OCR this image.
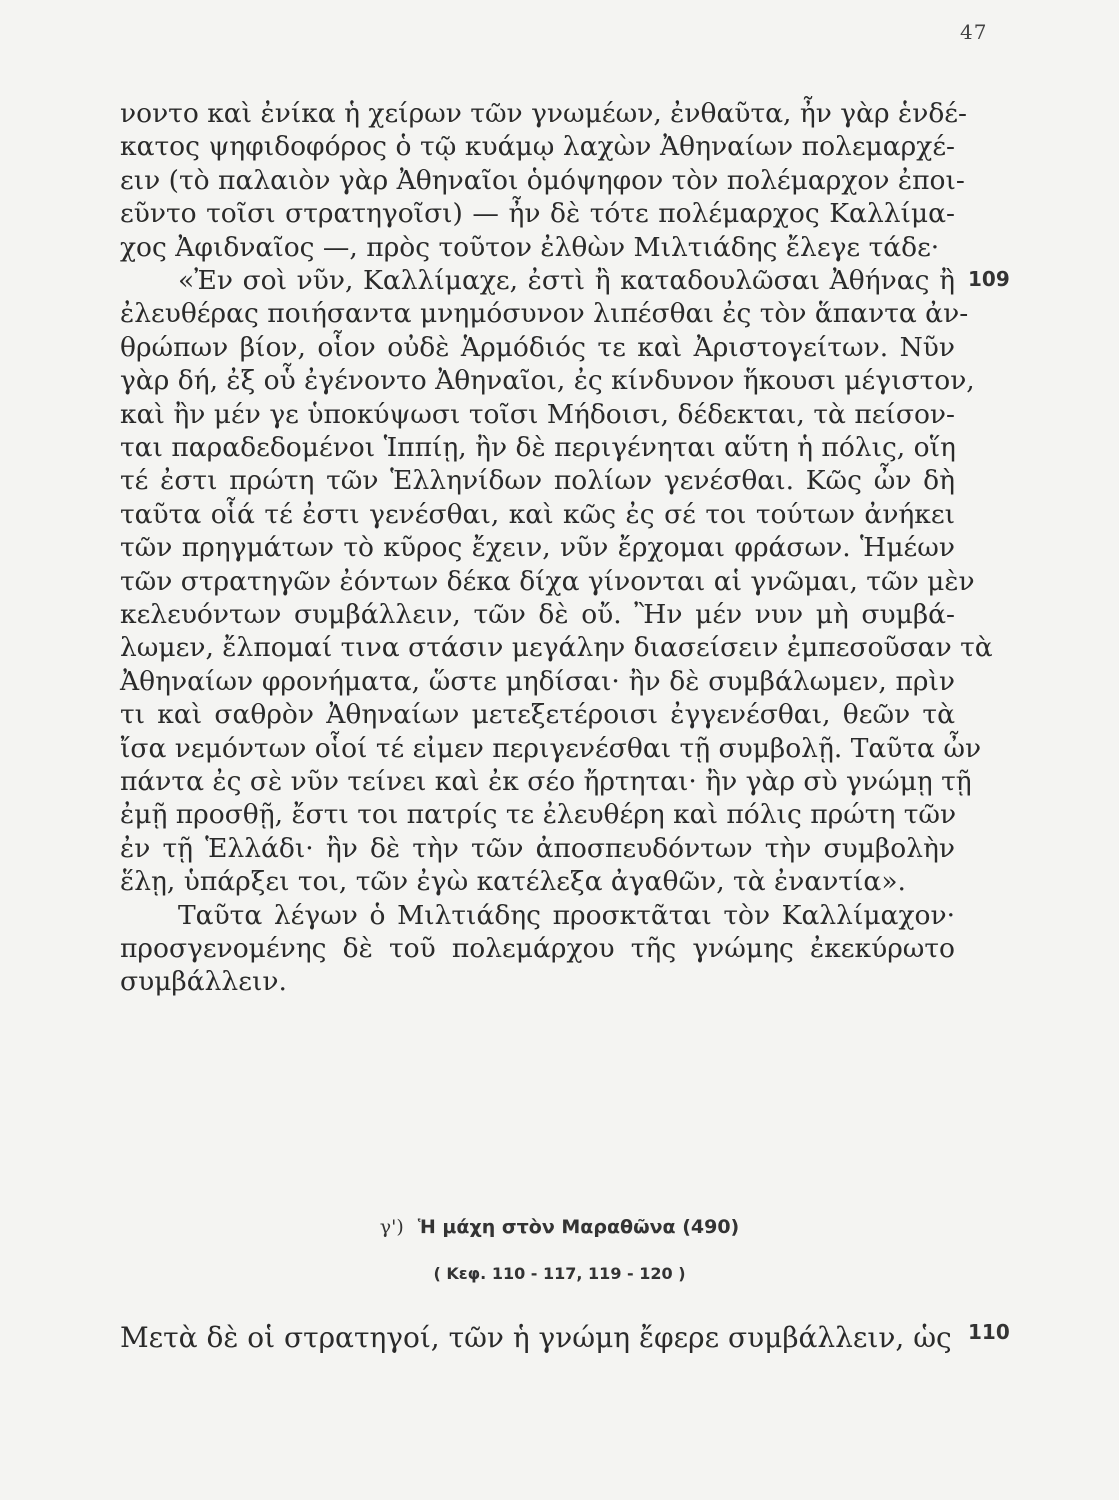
47
νοντο καὶ ἐνίκα ἡ χείρων τῶν γνωμέων, ἐνθαῦτα, ἦν γὰρ ἑνδέ-
κατος ψηφιδοφόρος ὁ τῷ κυάμῳ λαχὼν Ἀθηναίων πολεμαρχέ-
ειν (τὸ παλαιὸν γὰρ Ἀθηναῖοι ὁμόψηφον τὸν πολέμαρχον ἐποι-
εῦντο τοῖσι στρατηγοῖσι) — ἦν δὲ τότε πολέμαρχος Καλλίμα-
χος Ἀφιδναῖος —, πρὸς τοῦτον ἐλθὼν Μιλτιάδης ἔλεγε τάδε·
«Ἐν σοὶ νῦν, Καλλίμαχε, ἐστὶ ἢ καταδουλῶσαι Ἀθήνας ἢ 109
ἐλευθέρας ποιήσαντα μνημόσυνον λιπέσθαι ἐς τὸν ἅπαντα ἀν-
θρώπων βίον, οἷον οὐδὲ Ἁρμόδιός τε καὶ Ἀριστογείτων. Νῦν
γὰρ δή, ἐξ οὗ ἐγένοντο Ἀθηναῖοι, ἐς κίνδυνον ἥκουσι μέγιστον,
καὶ ἢν μέν γε ὑποκύψωσι τοῖσι Μήδοισι, δέδεκται, τὰ πείσον-
ται παραδεδομένοι Ἱππίῃ, ἢν δὲ περιγένηται αὕτη ἡ πόλις, οἵη
τέ ἐστι πρώτη τῶν Ἑλληνίδων πολίων γενέσθαι. Κῶς ὦν δὴ
ταῦτα οἷά τέ ἐστι γενέσθαι, καὶ κῶς ἐς σέ τοι τούτων ἀνήκει
τῶν πρηγμάτων τὸ κῦρος ἔχειν, νῦν ἔρχομαι φράσων. Ἡμέων
τῶν στρατηγῶν ἐόντων δέκα δίχα γίνονται αἱ γνῶμαι, τῶν μὲν
κελευόντων συμβάλλειν, τῶν δὲ οὔ. Ἢν μέν νυν μὴ συμβά-
λωμεν, ἔλπομαί τινα στάσιν μεγάλην διασείσειν ἐμπεσοῦσαν τὰ
Ἀθηναίων φρονήματα, ὥστε μηδίσαι· ἢν δὲ συμβάλωμεν, πρὶν
τι καὶ σαθρὸν Ἀθηναίων μετεξετέροισι ἐγγενέσθαι, θεῶν τὰ
ἴσα νεμόντων οἷοί τέ εἰμεν περιγενέσθαι τῇ συμβολῇ. Ταῦτα ὦν
πάντα ἐς σὲ νῦν τείνει καὶ ἐκ σέο ἤρτηται· ἢν γὰρ σὺ γνώμῃ τῇ
ἐμῇ προσθῇ, ἔστι τοι πατρίς τε ἐλευθέρη καὶ πόλις πρώτη τῶν
ἐν τῇ Ἑλλάδι· ἢν δὲ τὴν τῶν ἀποσπευδόντων τὴν συμβολὴν
ἕλῃ, ὑπάρξει τοι, τῶν ἐγὼ κατέλεξα ἀγαθῶν, τὰ ἐναντία».
Ταῦτα λέγων ὁ Μιλτιάδης προσκτᾶται τὸν Καλλίμαχον·
προσγενομένης δὲ τοῦ πολεμάρχου τῆς γνώμης ἐκεκύρωτο
συμβάλλειν.
γ') Ἡ μάχη στὸν Μαραθῶνα (490)
( Κεφ. 110 - 117, 119 - 120 )
Μετὰ δὲ οἱ στρατηγοί, τῶν ἡ γνώμη ἔφερε συμβάλλειν, ὡς 110
